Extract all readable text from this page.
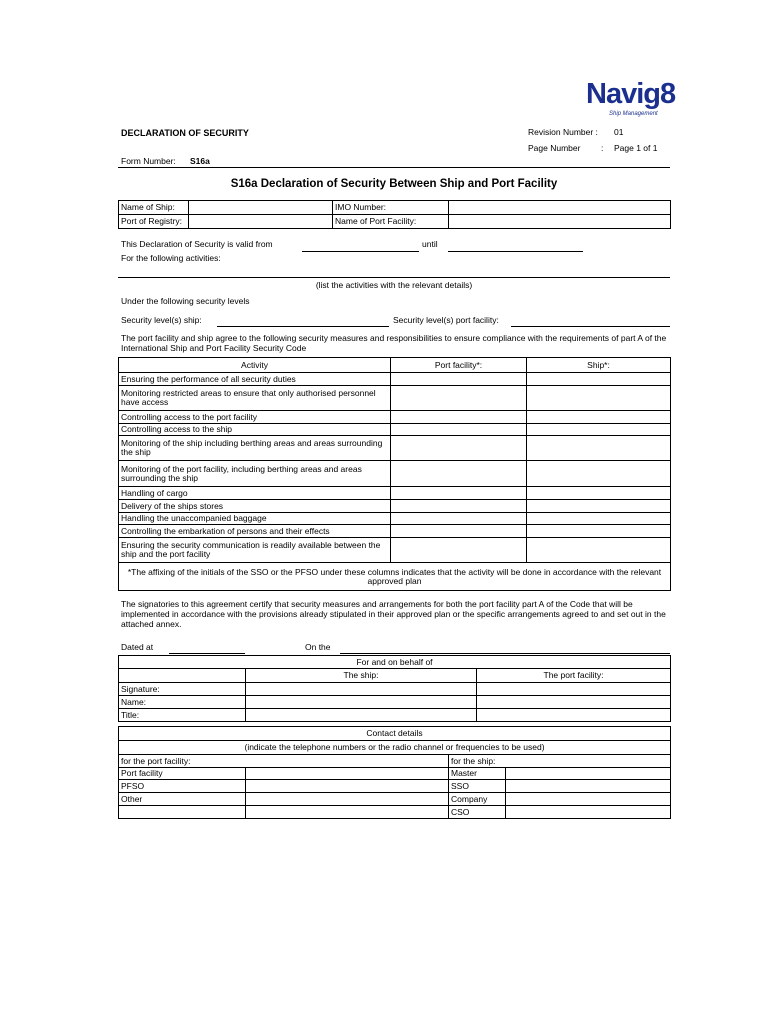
Navig8
Ship Management
DECLARATION OF SECURITY	Revision Number : 01
Page Number : Page 1 of 1
Form Number: S16a
S16a Declaration of Security Between Ship and Port Facility
Name of Ship:		IMO Number:	
Port of Registry:		Name of Port Facility:	
This Declaration of Security is valid from	until
For the following activities:
(list the activities with the relevant details)
Under the following security levels
Security level(s) ship:	Security level(s) port facility:
The port facility and ship agree to the following security measures and responsibilities to ensure compliance with the requirements of part A of the International Ship and Port Facility Security Code
Activity	Port facility*:	Ship*:
Ensuring the performance of all security duties		
Monitoring restricted areas to ensure that only authorised personnel have access		
Controlling access to the port facility		
Controlling access to the ship		
Monitoring of the ship including berthing areas and areas surrounding the ship		
Monitoring of the port facility, including berthing areas and areas surrounding the ship		
Handling of cargo		
Delivery of the ships stores		
Handling the unaccompanied baggage		
Controlling the embarkation of persons and their effects		
Ensuring the security communication is readily available between the ship and the port facility		
*The affixing of the initials of the SSO or the PFSO under these columns indicates that the activity will be done in accordance with the relevant approved plan		
The signatories to this agreement certify that security measures and arrangements for both the port facility part A of the Code that will be implemented in accordance with the provisions already stipulated in their approved plan or the specific arrangements agreed to and set out in the attached annex.
Dated at	On the
For and on behalf of		
	The ship:	The port facility:
Signature:		
Name:		
Title:		
Contact details			
(indicate the telephone numbers or the radio channel or frequencies to be used)			
for the port facility:		for the ship:	
Port facility		Master	
PFSO		SSO	
Other		Company	
		CSO	
